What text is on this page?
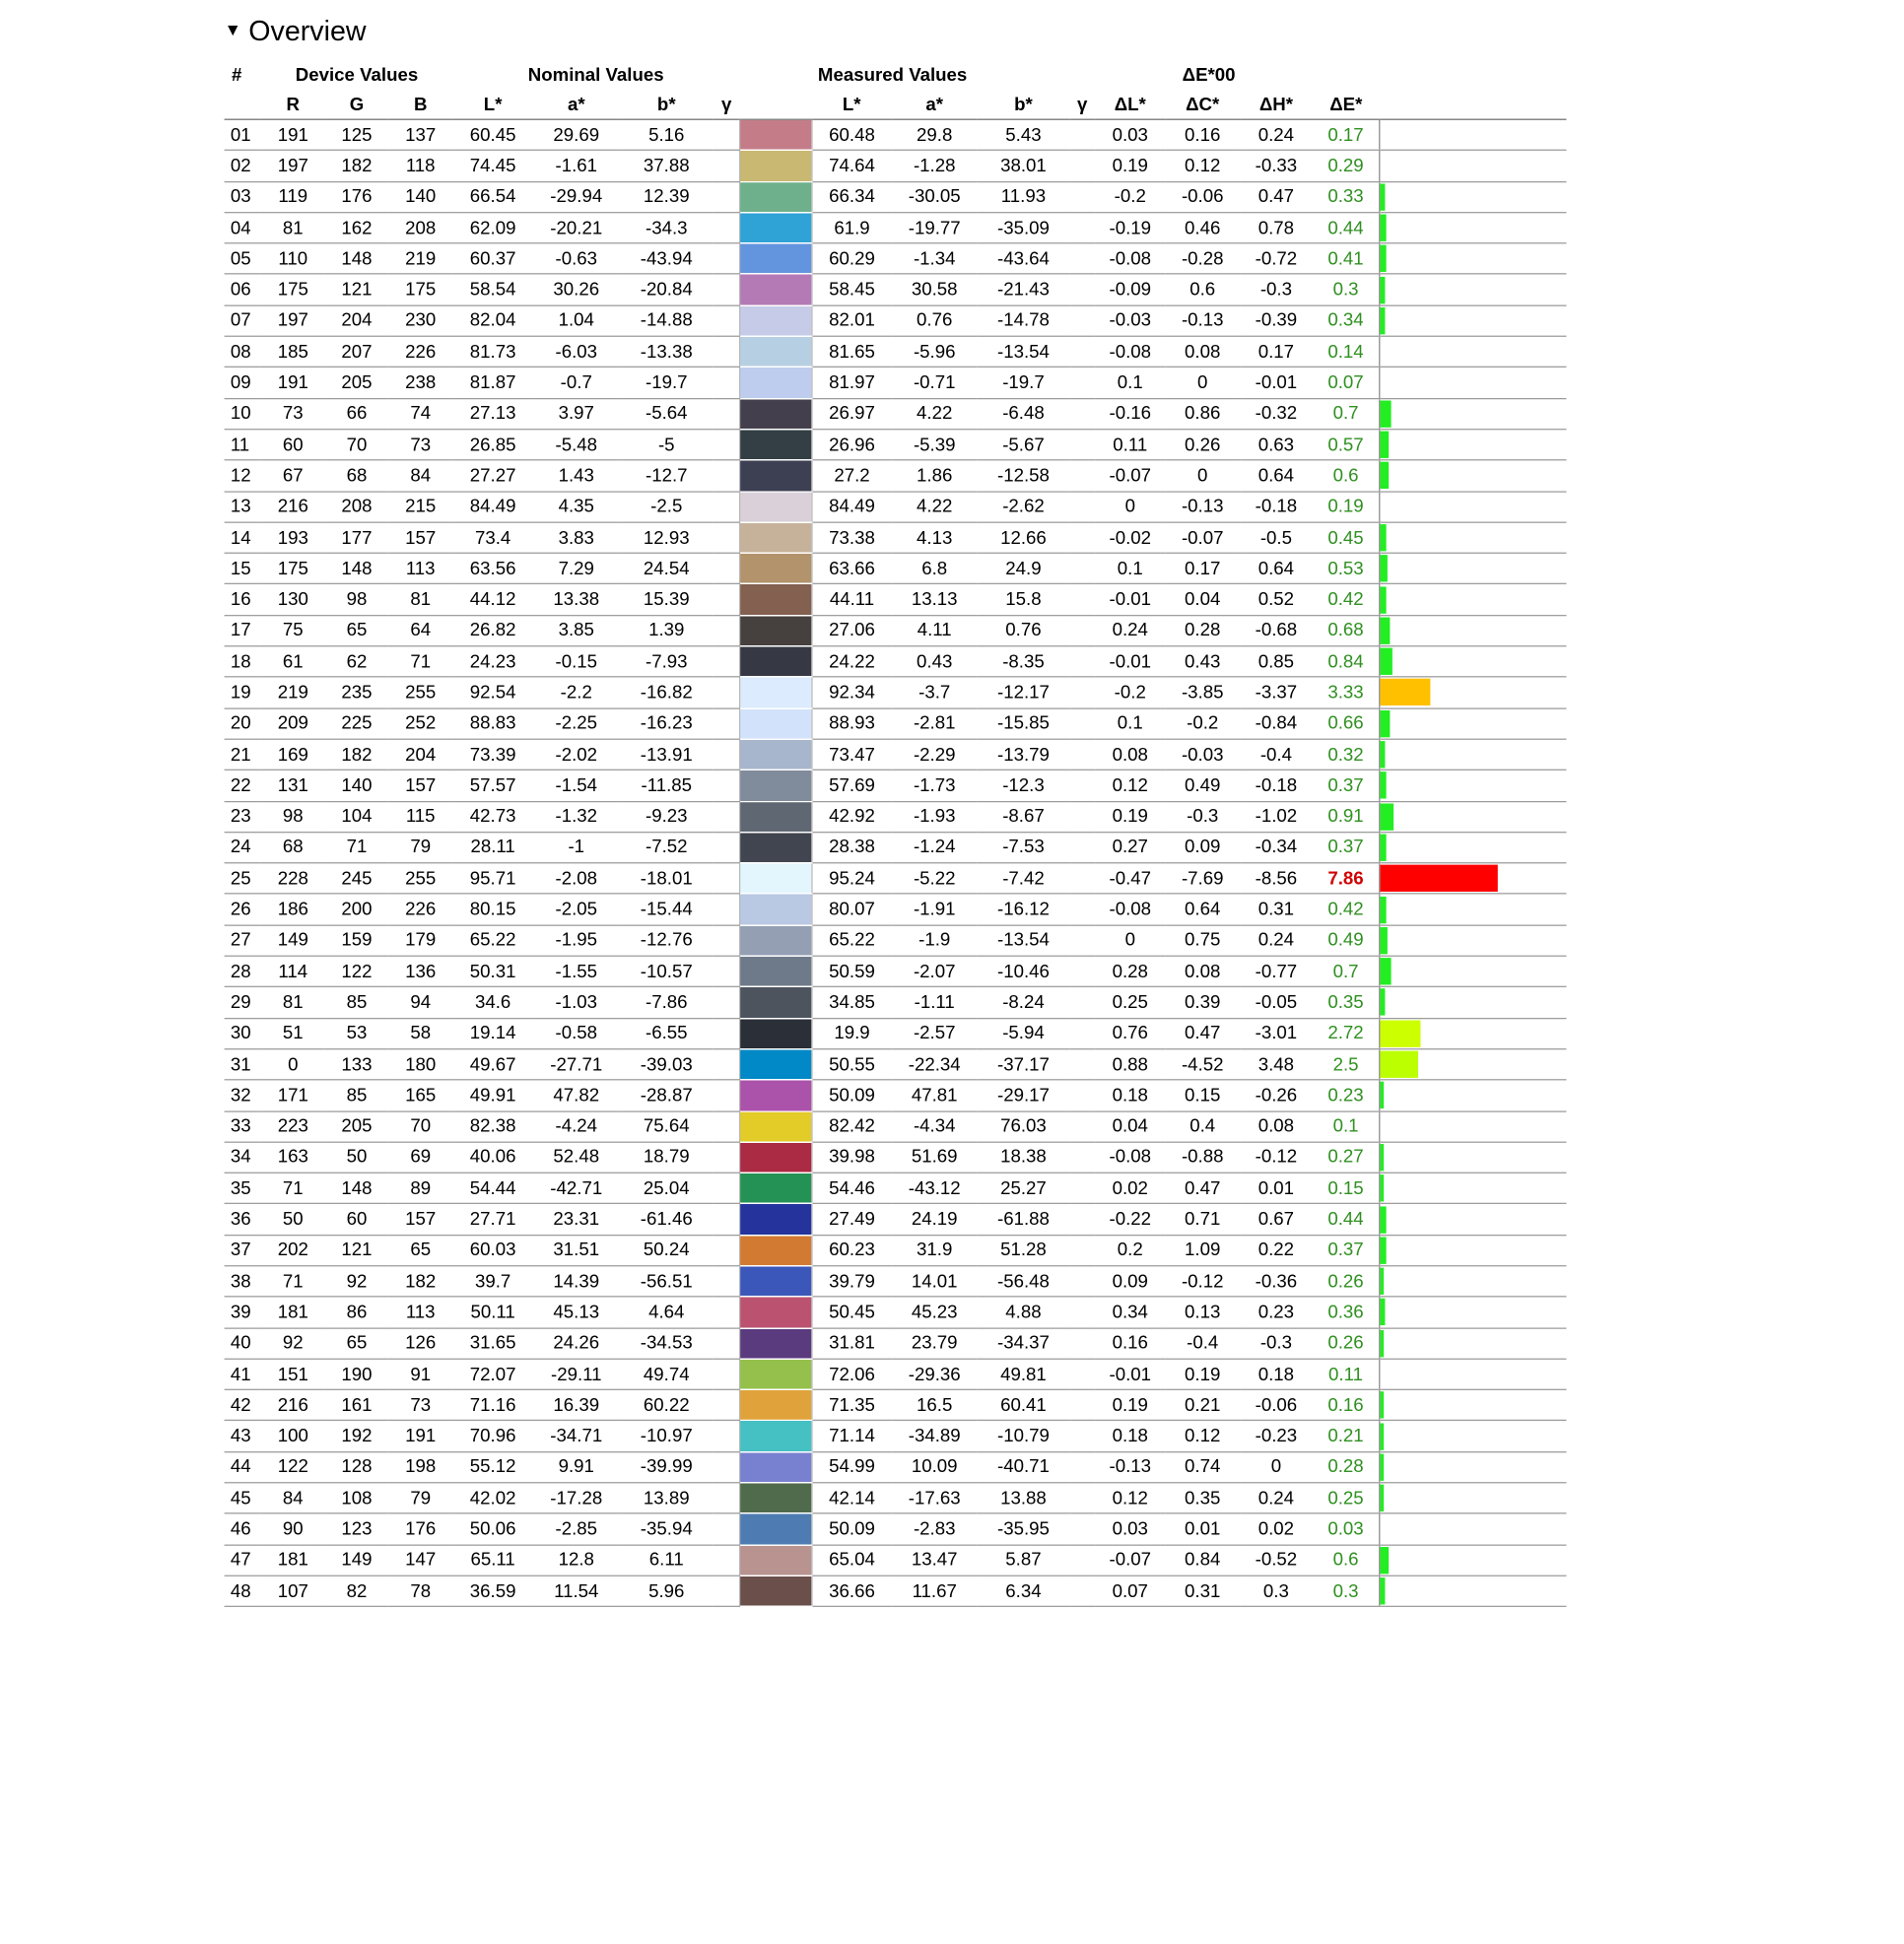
▼ Overview
#	Device Values			Nominal Values				Measured Values						ΔE*00			
	R	G	B	L*	a*	b*	γ		L*	a*	b*	γ	ΔL*	ΔC*	ΔH*	ΔE*	
01	191	125	137	60.45	29.69	5.16			60.48	29.8	5.43		0.03	0.16	0.24	0.17	

02	197	182	118	74.45	-1.61	37.88			74.64	-1.28	38.01		0.19	0.12	-0.33	0.29	

03	119	176	140	66.54	-29.94	12.39			66.34	-30.05	11.93		-0.2	-0.06	0.47	0.33	

04	81	162	208	62.09	-20.21	-34.3			61.9	-19.77	-35.09		-0.19	0.46	0.78	0.44	

05	110	148	219	60.37	-0.63	-43.94			60.29	-1.34	-43.64		-0.08	-0.28	-0.72	0.41	

06	175	121	175	58.54	30.26	-20.84			58.45	30.58	-21.43		-0.09	0.6	-0.3	0.3	

07	197	204	230	82.04	1.04	-14.88			82.01	0.76	-14.78		-0.03	-0.13	-0.39	0.34	

08	185	207	226	81.73	-6.03	-13.38			81.65	-5.96	-13.54		-0.08	0.08	0.17	0.14	

09	191	205	238	81.87	-0.7	-19.7			81.97	-0.71	-19.7		0.1	0	-0.01	0.07	

10	73	66	74	27.13	3.97	-5.64			26.97	4.22	-6.48		-0.16	0.86	-0.32	0.7	

11	60	70	73	26.85	-5.48	-5			26.96	-5.39	-5.67		0.11	0.26	0.63	0.57	

12	67	68	84	27.27	1.43	-12.7			27.2	1.86	-12.58		-0.07	0	0.64	0.6	

13	216	208	215	84.49	4.35	-2.5			84.49	4.22	-2.62		0	-0.13	-0.18	0.19	

14	193	177	157	73.4	3.83	12.93			73.38	4.13	12.66		-0.02	-0.07	-0.5	0.45	

15	175	148	113	63.56	7.29	24.54			63.66	6.8	24.9		0.1	0.17	0.64	0.53	

16	130	98	81	44.12	13.38	15.39			44.11	13.13	15.8		-0.01	0.04	0.52	0.42	

17	75	65	64	26.82	3.85	1.39			27.06	4.11	0.76		0.24	0.28	-0.68	0.68	

18	61	62	71	24.23	-0.15	-7.93			24.22	0.43	-8.35		-0.01	0.43	0.85	0.84	

19	219	235	255	92.54	-2.2	-16.82			92.34	-3.7	-12.17		-0.2	-3.85	-3.37	3.33	

20	209	225	252	88.83	-2.25	-16.23			88.93	-2.81	-15.85		0.1	-0.2	-0.84	0.66	

21	169	182	204	73.39	-2.02	-13.91			73.47	-2.29	-13.79		0.08	-0.03	-0.4	0.32	

22	131	140	157	57.57	-1.54	-11.85			57.69	-1.73	-12.3		0.12	0.49	-0.18	0.37	

23	98	104	115	42.73	-1.32	-9.23			42.92	-1.93	-8.67		0.19	-0.3	-1.02	0.91	

24	68	71	79	28.11	-1	-7.52			28.38	-1.24	-7.53		0.27	0.09	-0.34	0.37	

25	228	245	255	95.71	-2.08	-18.01			95.24	-5.22	-7.42		-0.47	-7.69	-8.56	7.86	

26	186	200	226	80.15	-2.05	-15.44			80.07	-1.91	-16.12		-0.08	0.64	0.31	0.42	

27	149	159	179	65.22	-1.95	-12.76			65.22	-1.9	-13.54		0	0.75	0.24	0.49	

28	114	122	136	50.31	-1.55	-10.57			50.59	-2.07	-10.46		0.28	0.08	-0.77	0.7	

29	81	85	94	34.6	-1.03	-7.86			34.85	-1.11	-8.24		0.25	0.39	-0.05	0.35	

30	51	53	58	19.14	-0.58	-6.55			19.9	-2.57	-5.94		0.76	0.47	-3.01	2.72	

31	0	133	180	49.67	-27.71	-39.03			50.55	-22.34	-37.17		0.88	-4.52	3.48	2.5	

32	171	85	165	49.91	47.82	-28.87			50.09	47.81	-29.17		0.18	0.15	-0.26	0.23	

33	223	205	70	82.38	-4.24	75.64			82.42	-4.34	76.03		0.04	0.4	0.08	0.1	

34	163	50	69	40.06	52.48	18.79			39.98	51.69	18.38		-0.08	-0.88	-0.12	0.27	

35	71	148	89	54.44	-42.71	25.04			54.46	-43.12	25.27		0.02	0.47	0.01	0.15	

36	50	60	157	27.71	23.31	-61.46			27.49	24.19	-61.88		-0.22	0.71	0.67	0.44	

37	202	121	65	60.03	31.51	50.24			60.23	31.9	51.28		0.2	1.09	0.22	0.37	

38	71	92	182	39.7	14.39	-56.51			39.79	14.01	-56.48		0.09	-0.12	-0.36	0.26	

39	181	86	113	50.11	45.13	4.64			50.45	45.23	4.88		0.34	0.13	0.23	0.36	

40	92	65	126	31.65	24.26	-34.53			31.81	23.79	-34.37		0.16	-0.4	-0.3	0.26	

41	151	190	91	72.07	-29.11	49.74			72.06	-29.36	49.81		-0.01	0.19	0.18	0.11	

42	216	161	73	71.16	16.39	60.22			71.35	16.5	60.41		0.19	0.21	-0.06	0.16	

43	100	192	191	70.96	-34.71	-10.97			71.14	-34.89	-10.79		0.18	0.12	-0.23	0.21	

44	122	128	198	55.12	9.91	-39.99			54.99	10.09	-40.71		-0.13	0.74	0	0.28	

45	84	108	79	42.02	-17.28	13.89			42.14	-17.63	13.88		0.12	0.35	0.24	0.25	

46	90	123	176	50.06	-2.85	-35.94			50.09	-2.83	-35.95		0.03	0.01	0.02	0.03	

47	181	149	147	65.11	12.8	6.11			65.04	13.47	5.87		-0.07	0.84	-0.52	0.6	

48	107	82	78	36.59	11.54	5.96			36.66	11.67	6.34		0.07	0.31	0.3	0.3	
